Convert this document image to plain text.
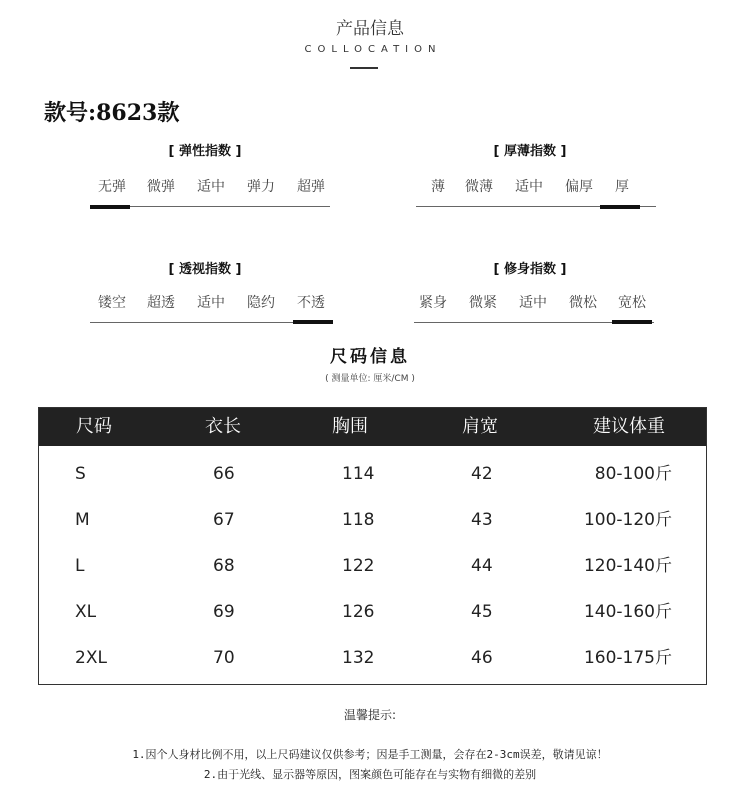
产品信息
COLLOCATION
款号:8623款
[ 弹性指数 ]
无弹	微弹	适中	弹力	超弹
[ 厚薄指数 ]
薄	微薄	适中	偏厚	厚
[ 透视指数 ]
镂空	超透	适中	隐约	不透
[ 修身指数 ]
紧身	微紧	适中	微松	宽松
尺码信息
( 测量单位: 厘米/CM )
尺码	衣长	胸围	肩宽	建议体重
S	66	114	42	80-100斤
M	67	118	43	100-120斤
L	68	122	44	120-140斤
XL	69	126	45	140-160斤
2XL	70	132	46	160-175斤
温馨提示:
1.因个人身材比例不用，以上尺码建议仅供参考；因是手工测量，会存在2-3cm误差，敬请见谅！
2.由于光线、显示器等原因，图案颜色可能存在与实物有细微的差别
